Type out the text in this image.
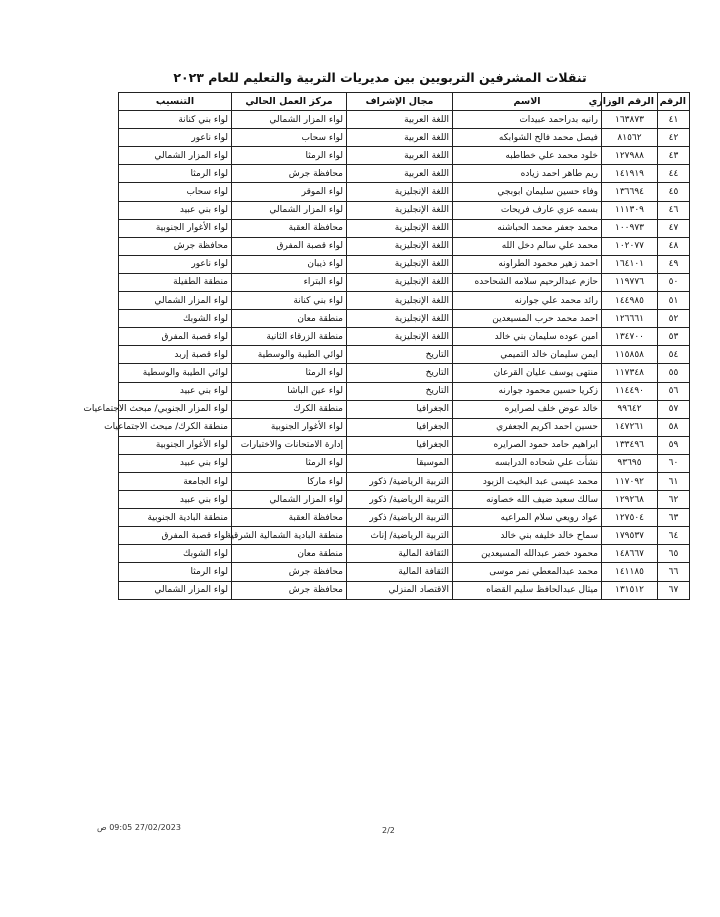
تنقلات المشرفين التربويين بين مديريات التربية والتعليم للعام ٢٠٢٣
الرقم	الرقم الوزاري	الاسم	مجال الإشراف	مركز العمل الحالي	التنسيب
٤١	١٦٣٨٧٣	رانيه بدراحمد عبيدات	اللغة العربية	لواء المزار الشمالي	لواء بني كنانة
٤٢	٨١٥٦٢	فيصل محمد فالح الشوابكه	اللغة العربية	لواء سحاب	لواء ناعور
٤٣	١٢٧٩٨٨	خلود محمد علي خطاطبه	اللغة العربية	لواء الرمثا	لواء المزار الشمالي
٤٤	١٤١٩١٩	ريم طاهر احمد زياده	اللغة العربية	محافظة جرش	لواء الرمثا
٤٥	١٣٦٦٩٤	وفاء حسين سليمان ابوبجي	اللغة الإنجليزية	لواء الموقر	لواء سحاب
٤٦	١١١٣٠٩	بسمه عزي عارف فريحات	اللغة الإنجليزية	لواء المزار الشمالي	لواء بني عبيد
٤٧	١٠٠٩٧٣	محمد جعفر محمد الحباشنه	اللغة الإنجليزية	محافظة العقبة	لواء الأغوار الجنوبية
٤٨	١٠٢٠٧٧	محمد علي سالم دخل الله	اللغة الإنجليزية	لواء قصبة المفرق	محافظة جرش
٤٩	١٦٤١٠١	احمد زهير محمود الطراونه	اللغة الإنجليزية	لواء ذيبان	لواء ناعور
٥٠	١١٩٧٧٦	حازم عبدالرحيم سلامه الشحاحده	اللغة الإنجليزية	لواء البتراء	منطقة الطفيلة
٥١	١٤٤٩٨٥	رائد محمد علي جوارنه	اللغة الإنجليزية	لواء بني كنانة	لواء المزار الشمالي
٥٢	١٢٦٦٦١	احمد محمد حرب المسيعدين	اللغة الإنجليزية	منطقة معان	لواء الشوبك
٥٣	١٣٤٧٠٠	امين عوده سليمان بني خالد	اللغة الإنجليزية	منطقة الزرقاء الثانية	لواء قصبة المفرق
٥٤	١١٥٨٥٨	ايمن سليمان خالد التميمي	التاريخ	لوائي الطيبة والوسطية	لواء قصبة إربد
٥٥	١١٧٣٤٨	منتهى يوسف عليان القرعان	التاريخ	لواء الرمثا	لوائي الطيبة والوسطية
٥٦	١١٤٤٩٠	زكريا حسين محمود جوارنه	التاريخ	لواء عين الباشا	لواء بني عبيد
٥٧	٩٩٦٤٢	خالد عوض خلف لصرايره	الجغرافيا	منطقة الكرك	لواء المزار الجنوبي/ مبحث الاجتماعيات
٥٨	١٤٧٢٦١	حسين احمد اكريم الجعفري	الجغرافيا	لواء الأغوار الجنوبية	منطقة الكرك/ مبحث الاجتماعيات
٥٩	١٣٣٤٩٦	ابراهيم حامد حمود الصرايره	الجغرافيا	إدارة الامتحانات والاختبارات	لواء الأغوار الجنوبية
٦٠	٩٣٦٩٥	نشأت علي شحاده الدرابسه	الموسيقا	لواء الرمثا	لواء بني عبيد
٦١	١١٧٠٩٢	محمد عيسى عبد البخيت الزبود	التربية الرياضية/ ذكور	لواء ماركا	لواء الجامعة
٦٢	١٢٩٢٦٨	سالك سعيد ضيف الله خصاونه	التربية الرياضية/ ذكور	لواء المزار الشمالي	لواء بني عبيد
٦٣	١٢٧٥٠٤	عواد رويعي سلام المراعيه	التربية الرياضية/ ذكور	محافظة العقبة	منطقة البادية الجنوبية
٦٤	١٧٩٥٣٧	سماح خالد خليفه بني خالد	التربية الرياضية/ إناث	منطقة البادية الشمالية الشرقية	لواء قصبة المفرق
٦٥	١٤٨٦٦٧	محمود خضر عبدالله المسيعدين	الثقافة المالية	منطقة معان	لواء الشوبك
٦٦	١٤١١٨٥	محمد عبدالمعطي نمر موسى	الثقافة المالية	محافظة جرش	لواء الرمثا
٦٧	١٣١٥١٢	ميثال عبدالحافظ سليم القضاه	الاقتصاد المنزلي	محافظة جرش	لواء المزار الشمالي
27/02/2023 09:05 ص	2/2
